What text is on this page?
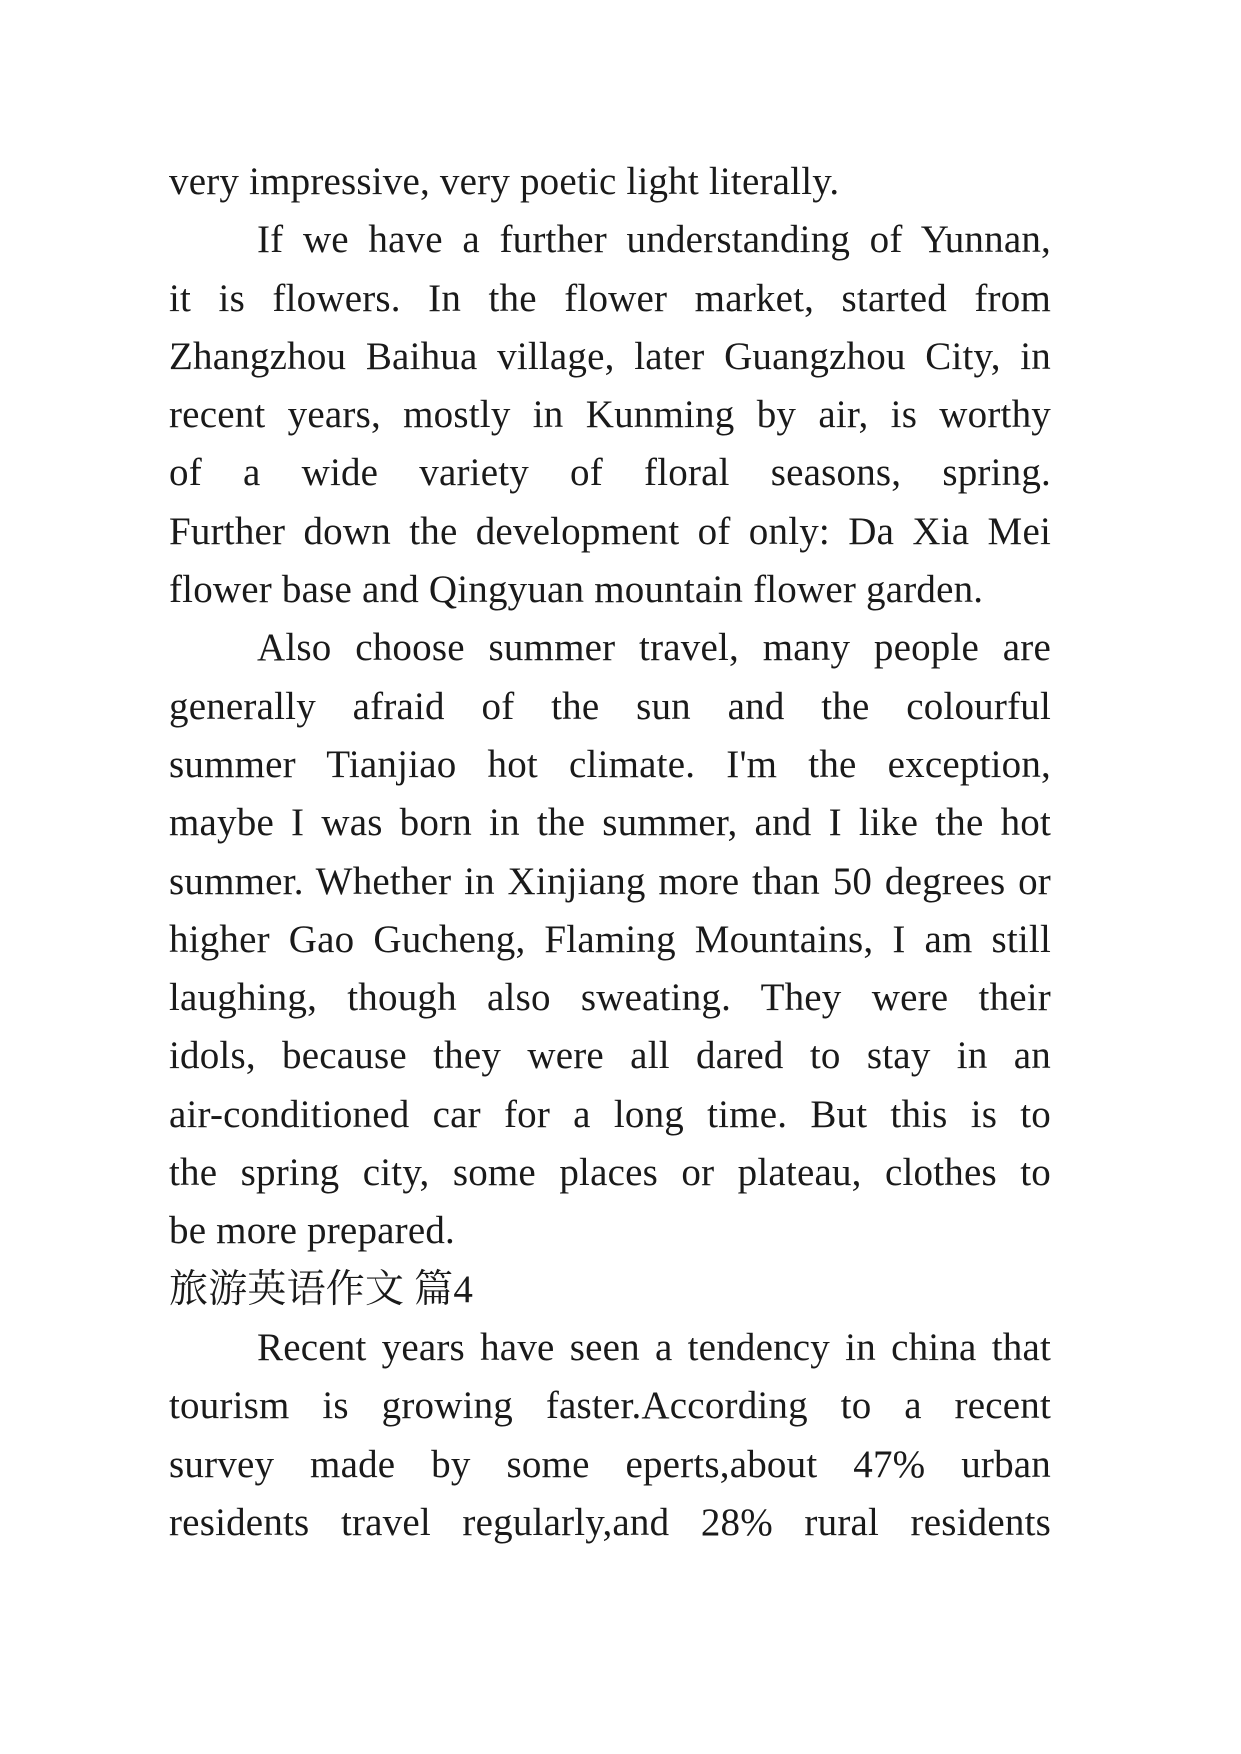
very impressive, very poetic light literally.
If we have a further understanding of Yunnan,
it is flowers. In the flower market, started from
Zhangzhou Baihua village, later Guangzhou City, in
recent years, mostly in Kunming by air, is worthy
of a wide variety of floral seasons, spring.
Further down the development of only: Da Xia Mei
flower base and Qingyuan mountain flower garden.
Also choose summer travel, many people are
generally afraid of the sun and the colourful
summer Tianjiao hot climate. I'm the exception,
maybe I was born in the summer, and I like the hot
summer. Whether in Xinjiang more than 50 degrees or
higher Gao Gucheng, Flaming Mountains, I am still
laughing, though also sweating. They were their
idols, because they were all dared to stay in an
air-conditioned car for a long time. But this is to
the spring city, some places or plateau, clothes to
be more prepared.
旅游英语作文 篇4
Recent years have seen a tendency in china that
tourism is growing faster.According to a recent
survey made by some eperts,about 47% urban
residents travel regularly,and 28% rural residents
